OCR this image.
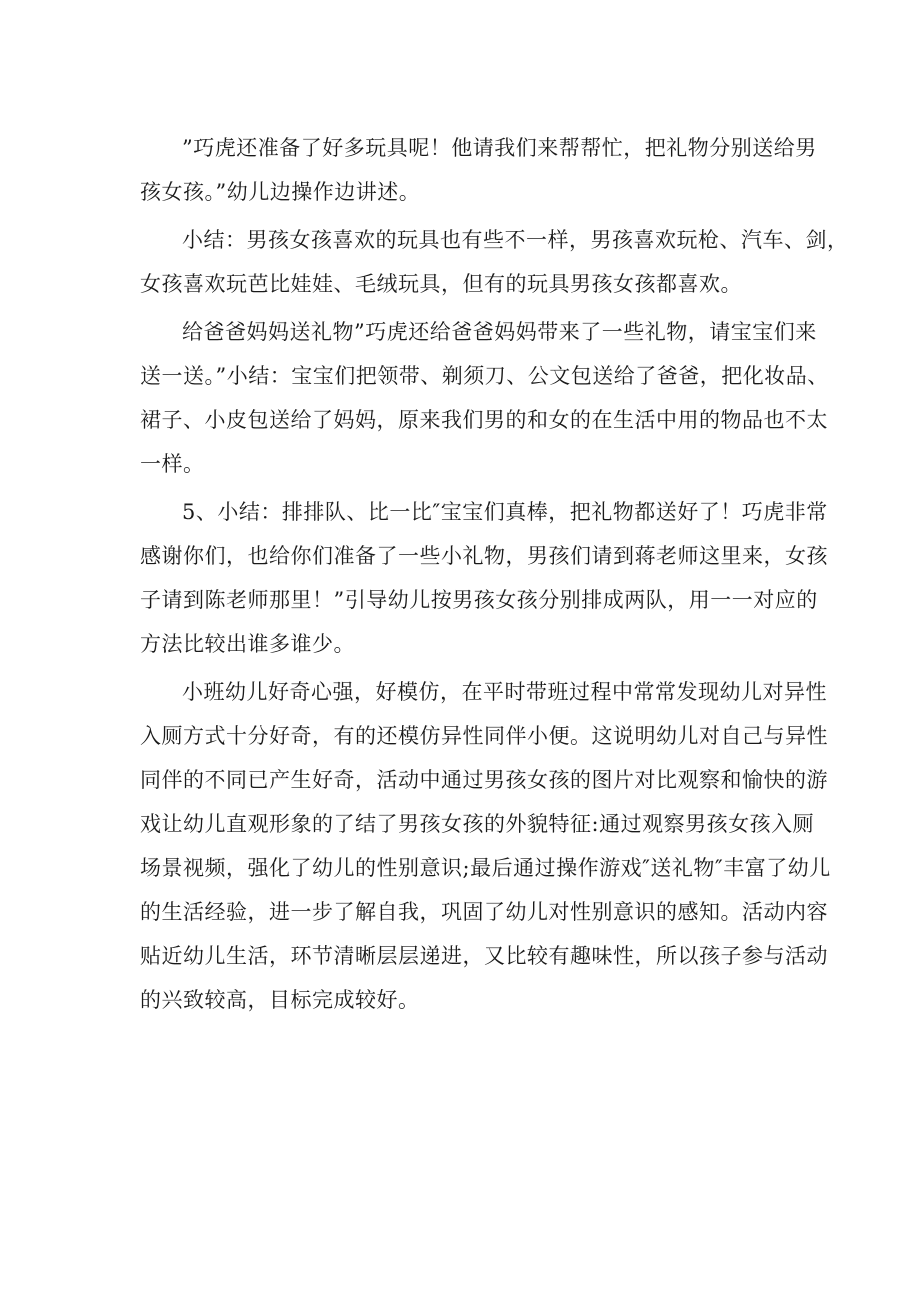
”巧虎还准备了好多玩具呢！他请我们来帮帮忙，把礼物分别送给男
孩女孩。”幼儿边操作边讲述。

小结：男孩女孩喜欢的玩具也有些不一样，男孩喜欢玩枪、汽车、剑，
女孩喜欢玩芭比娃娃、毛绒玩具，但有的玩具男孩女孩都喜欢。

给爸爸妈妈送礼物”巧虎还给爸爸妈妈带来了一些礼物，请宝宝们来
送一送。”小结：宝宝们把领带、剃须刀、公文包送给了爸爸，把化妆品、
裙子、小皮包送给了妈妈，原来我们男的和女的在生活中用的物品也不太
一样。

5、小结：排排队、比一比″宝宝们真棒，把礼物都送好了！巧虎非常
感谢你们，也给你们准备了一些小礼物，男孩们请到蒋老师这里来，女孩
子请到陈老师那里！”引导幼儿按男孩女孩分别排成两队，用一一对应的
方法比较出谁多谁少。

小班幼儿好奇心强，好模仿，在平时带班过程中常常发现幼儿对异性
入厕方式十分好奇，有的还模仿异性同伴小便。这说明幼儿对自己与异性
同伴的不同已产生好奇，活动中通过男孩女孩的图片对比观察和愉快的游
戏让幼儿直观形象的了结了男孩女孩的外貌特征:通过观察男孩女孩入厕
场景视频，强化了幼儿的性别意识;最后通过操作游戏″送礼物″丰富了幼儿
的生活经验，进一步了解自我，巩固了幼儿对性别意识的感知。活动内容
贴近幼儿生活，环节清晰层层递进，又比较有趣味性，所以孩子参与活动
的兴致较高，目标完成较好。
